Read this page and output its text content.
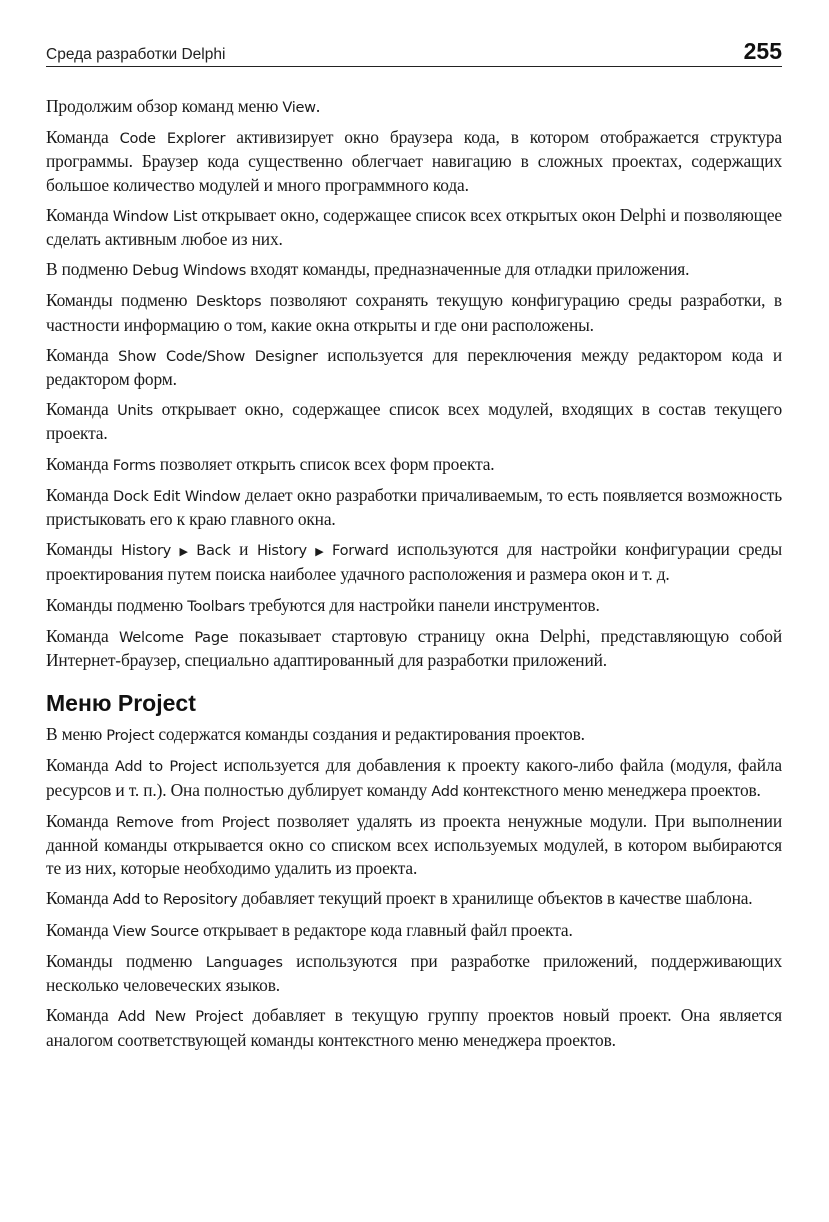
Среда разработки Delphi	255

Продолжим обзор команд меню View.

Команда Code Explorer активизирует окно браузера кода, в котором отображается структура программы. Браузер кода существенно облегчает навигацию в сложных проектах, содержащих большое количество модулей и много программного кода.

Команда Window List открывает окно, содержащее список всех открытых окон Delphi и позволяющее сделать активным любое из них.

В подменю Debug Windows входят команды, предназначенные для отладки приложения.

Команды подменю Desktops позволяют сохранять текущую конфигурацию среды разработки, в частности информацию о том, какие окна открыты и где они расположены.

Команда Show Code/Show Designer используется для переключения между редактором кода и редактором форм.

Команда Units открывает окно, содержащее список всех модулей, входящих в состав текущего проекта.

Команда Forms позволяет открыть список всех форм проекта.

Команда Dock Edit Window делает окно разработки причаливаемым, то есть появляется возможность пристыковать его к краю главного окна.

Команды History ▶ Back и History ▶ Forward используются для настройки конфигурации среды проектирования путем поиска наиболее удачного расположения и размера окон и т. д.

Команды подменю Toolbars требуются для настройки панели инструментов.

Команда Welcome Page показывает стартовую страницу окна Delphi, представляющую собой Интернет-браузер, специально адаптированный для разработки приложений.

Меню Project

В меню Project содержатся команды создания и редактирования проектов.

Команда Add to Project используется для добавления к проекту какого-либо файла (модуля, файла ресурсов и т. п.). Она полностью дублирует команду Add контекстного меню менеджера проектов.

Команда Remove from Project позволяет удалять из проекта ненужные модули. При выполнении данной команды открывается окно со списком всех используемых модулей, в котором выбираются те из них, которые необходимо удалить из проекта.

Команда Add to Repository добавляет текущий проект в хранилище объектов в качестве шаблона.

Команда View Source открывает в редакторе кода главный файл проекта.

Команды подменю Languages используются при разработке приложений, поддерживающих несколько человеческих языков.

Команда Add New Project добавляет в текущую группу проектов новый проект. Она является аналогом соответствующей команды контекстного меню менеджера проектов.
